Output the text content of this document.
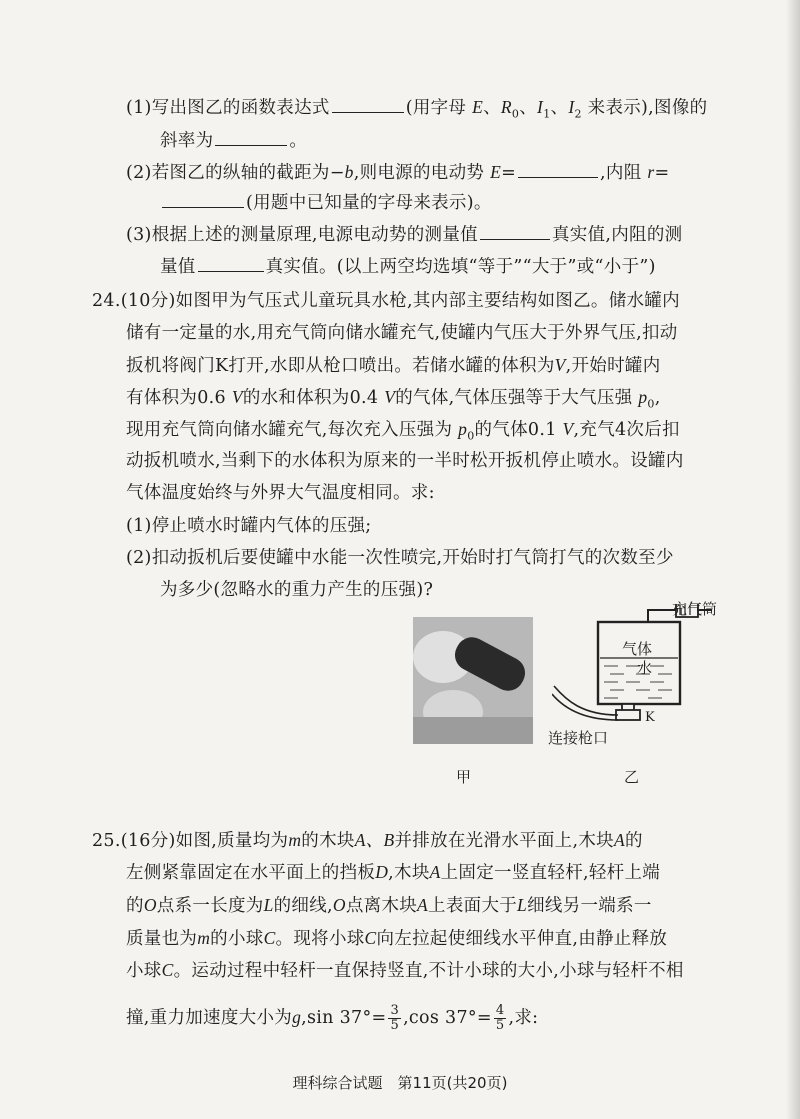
(1)写出图乙的函数表达式	(用字母 E、$R_0$、$I_1$、$I_2$ 来表示),图像的
斜率为	。
(2)若图乙的纵轴的截距为−b,则电源的电动势 E=	,内阻 r=
(用题中已知量的字母来表示)。
(3)根据上述的测量原理,电源电动势的测量值	真实值,内阻的测
量值	真实值。(以上两空均选填“等于”“大于”或“小于”)
24.(10分)如图甲为气压式儿童玩具水枪,其内部主要结构如图乙。储水罐内
储有一定量的水,用充气筒向储水罐充气,使罐内气压大于外界气压,扣动
扳机将阀门K打开,水即从枪口喷出。若储水罐的体积为V,开始时罐内
有体积为0.6 V的水和体积为0.4 V的气体,气体压强等于大气压强 $p_0$,
现用充气筒向储水罐充气,每次充入压强为 $p_0$的气体0.1 V,充气4次后扣
动扳机喷水,当剩下的水体积为原来的一半时松开扳机停止喷水。设罐内
气体温度始终与外界大气温度相同。求:
(1)停止喷水时罐内气体的压强;
(2)扣动扳机后要使罐中水能一次性喷完,开始时打气筒打气的次数至少
为多少(忽略水的重力产生的压强)?
充气筒
气体
水
K
连接枪口
甲	乙
25.(16分)如图,质量均为m的木块A、B并排放在光滑水平面上,木块A的
左侧紧靠固定在水平面上的挡板D,木块A上固定一竖直轻杆,轻杆上端
的O点系一长度为L的细线,O点离木块A上表面大于L细线另一端系一
质量也为m的小球C。现将小球C向左拉起使细线水平伸直,由静止释放
小球C。运动过程中轻杆一直保持竖直,不计小球的大小,小球与轻杆不相
撞,重力加速度大小为g,sin $37^\circ= \frac{3}{5} ,\cos$ $37^\circ= \frac{4}{5}$ ,求:
理科综合试题　第11页(共20页)
